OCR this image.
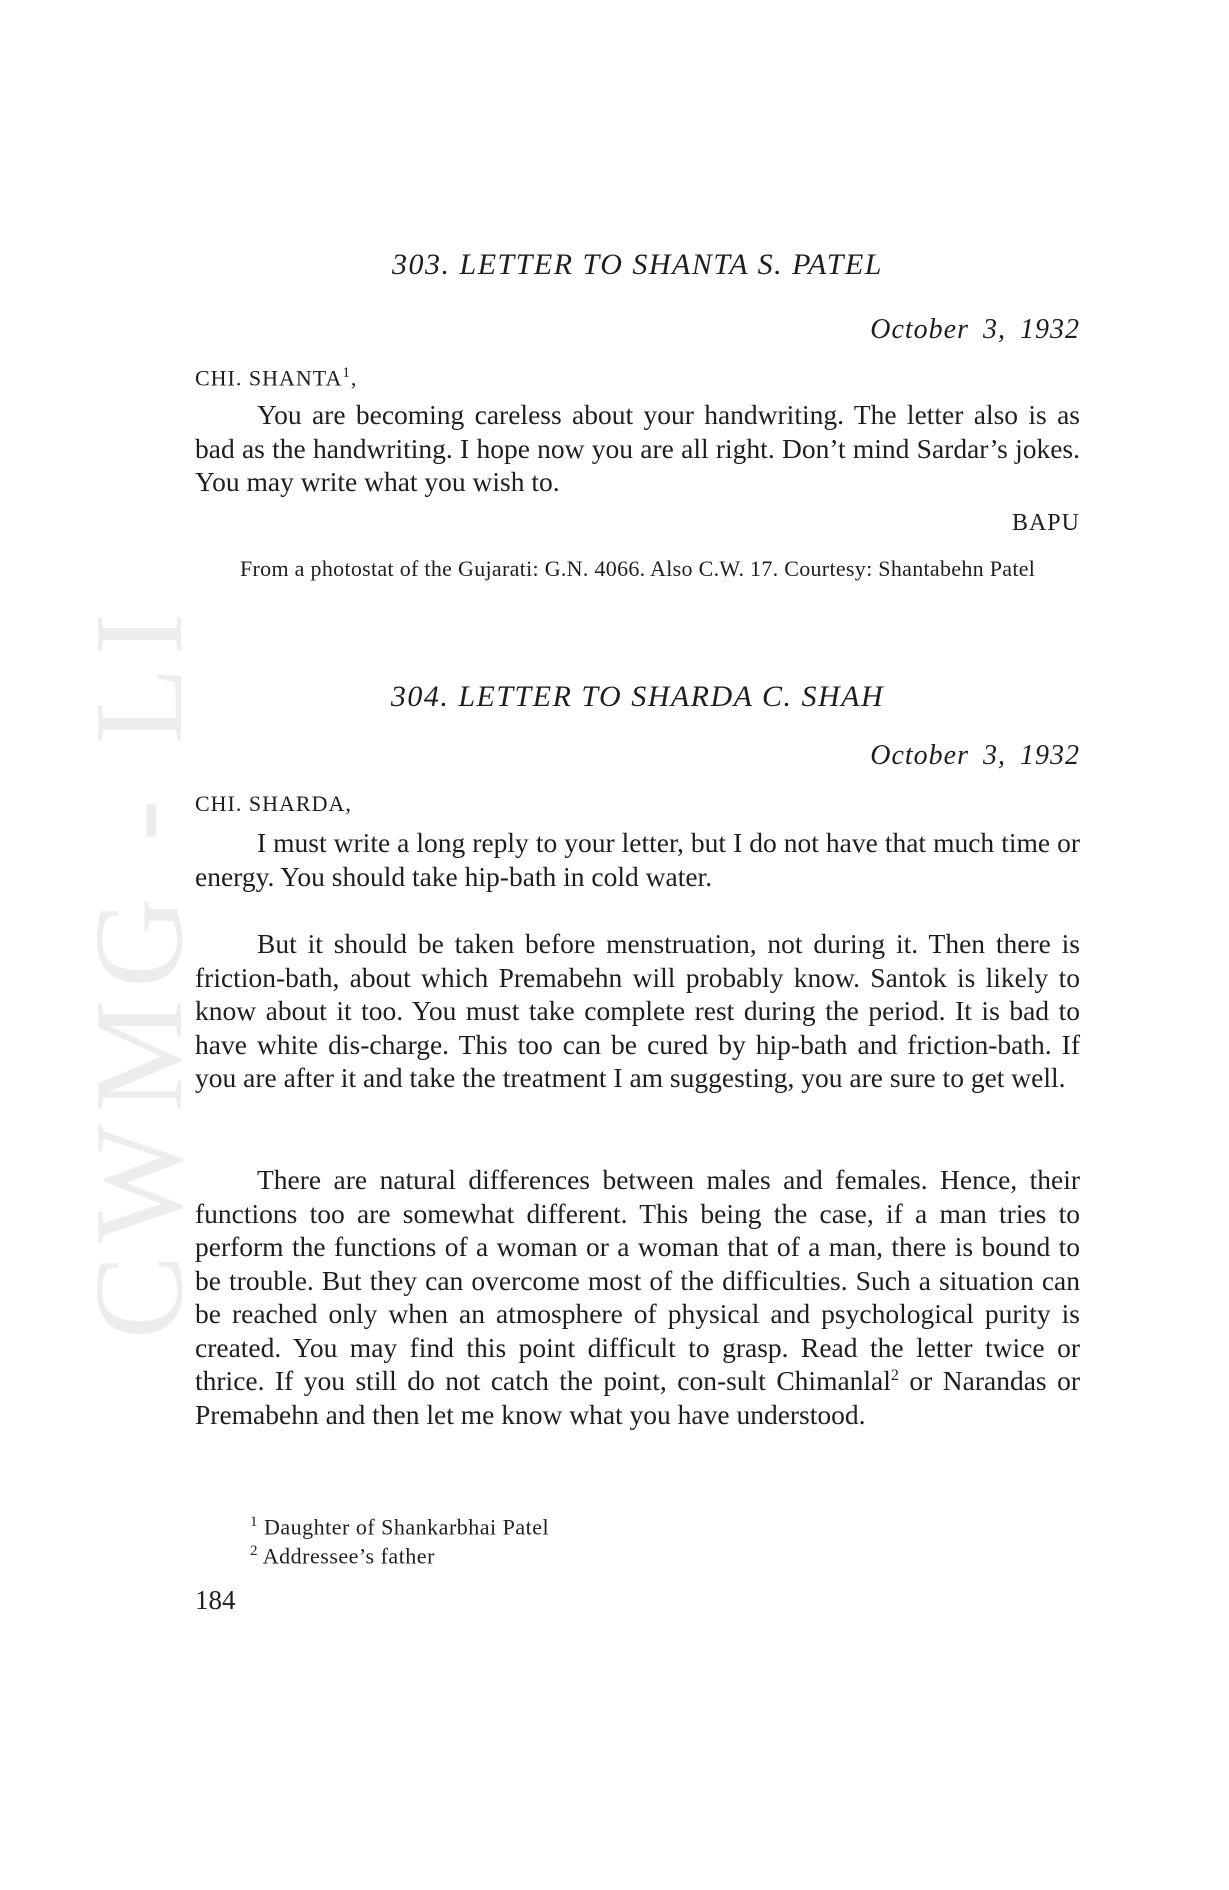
CWMG - LI
303. LETTER TO SHANTA S. PATEL
October 3, 1932
CHI. SHANTA$^1$,

You are becoming careless about your handwriting. The letter also is as bad as the handwriting. I hope now you are all right. Don’t mind Sardar’s jokes. You may write what you wish to.

BAPU

From a photostat of the Gujarati: G.N. 4066. Also C.W. 17. Courtesy: Shantabehn Patel

304. LETTER TO SHARDA C. SHAH
October 3, 1932
CHI. SHARDA,

I must write a long reply to your letter, but I do not have that much time or energy. You should take hip-bath in cold water.

But it should be taken before menstruation, not during it. Then there is friction-bath, about which Premabehn will probably know. Santok is likely to know about it too. You must take complete rest during the period. It is bad to have white dis-charge. This too can be cured by hip-bath and friction-bath. If you are after it and take the treatment I am suggesting, you are sure to get well.

There are natural differences between males and females. Hence, their functions too are somewhat different. This being the case, if a man tries to perform the functions of a woman or a woman that of a man, there is bound to be trouble. But they can overcome most of the difficulties. Such a situation can be reached only when an atmosphere of physical and psychological purity is created. You may find this point difficult to grasp. Read the letter twice or thrice. If you still do not catch the point, con-sult Chimanlal$^2$ or Narandas or Premabehn and then let me know what you have understood.

$^1$ Daughter of Shankarbhai Patel
$^2$ Addressee’s father
184
